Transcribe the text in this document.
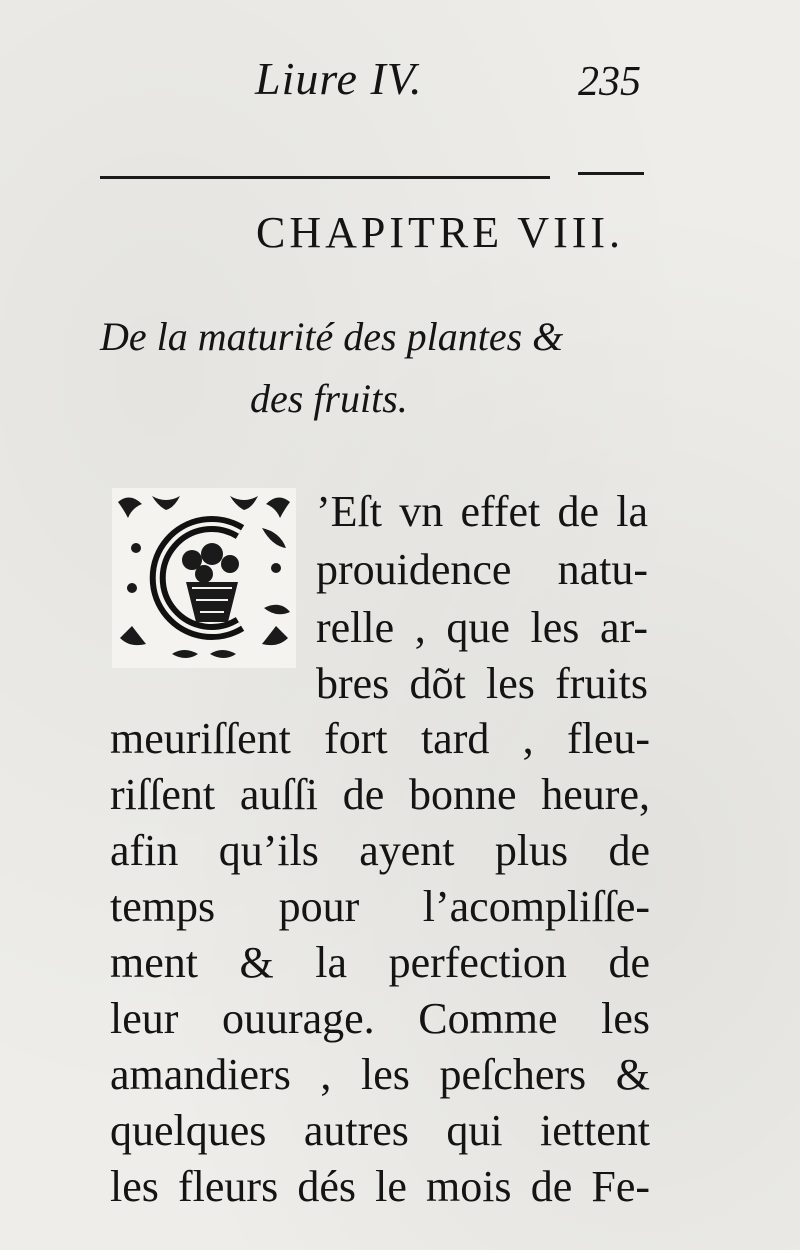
Liure IV.	235
CHAPITRE VIII.
De la maturité des plantes &
des fruits.
’Eſt vn effet de la
prouidence natu-
relle , que les ar-
bres dõt les fruits
meuriſſent fort tard , fleu-
riſſent auſſi de bonne heure,
afin qu’ils ayent plus de
temps pour l’acompliſſe-
ment & la perfection de
leur ouurage. Comme les
amandiers , les peſchers &
quelques autres qui iettent
les fleurs dés le mois de Fe-
